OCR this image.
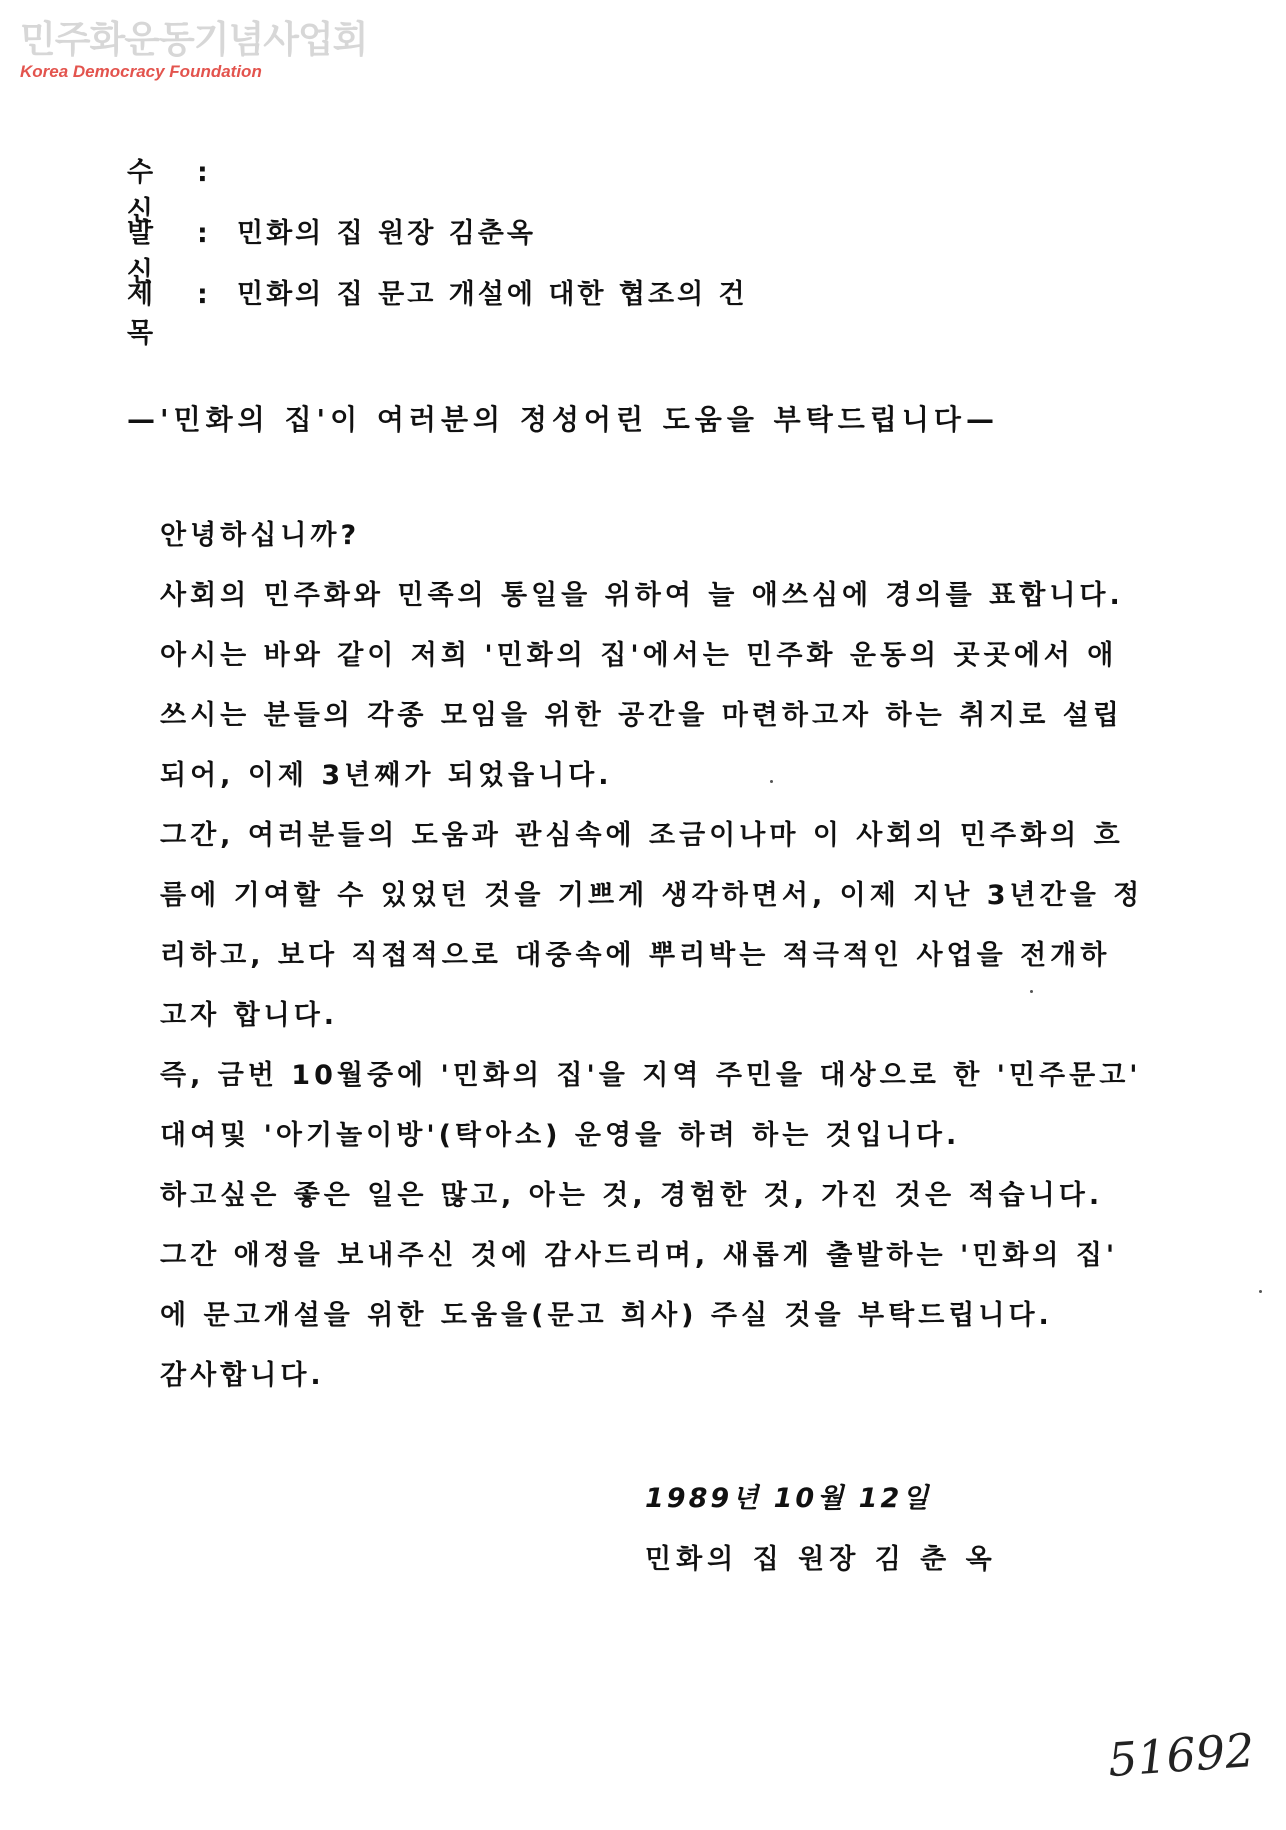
민주화운동기념사업회
Korea Democracy Foundation
수신
:
발신
: 민화의 집 원장 김춘옥
제목
: 민화의 집 문고 개설에 대한 협조의 건
—'민화의 집'이 여러분의 정성어린 도움을 부탁드립니다—

안녕하십니까?

사회의 민주화와 민족의 통일을 위하여 늘 애쓰심에 경의를 표합니다.

아시는 바와 같이 저희 '민화의 집'에서는 민주화 운동의 곳곳에서 애

쓰시는 분들의 각종 모임을 위한 공간을 마련하고자 하는 취지로 설립

되어, 이제 3년째가 되었읍니다.

그간, 여러분들의 도움과 관심속에 조금이나마 이 사회의 민주화의 흐

름에 기여할 수 있었던 것을 기쁘게 생각하면서, 이제 지난 3년간을 정

리하고, 보다 직접적으로 대중속에 뿌리박는 적극적인 사업을 전개하

고자 합니다.

즉, 금번 10월중에 '민화의 집'을 지역 주민을 대상으로 한 '민주문고'

대여및 '아기놀이방'(탁아소) 운영을 하려 하는 것입니다.

하고싶은 좋은 일은 많고, 아는 것, 경험한 것, 가진 것은 적습니다.

그간 애정을 보내주신 것에 감사드리며, 새롭게 출발하는 '민화의 집'

에 문고개설을 위한 도움을(문고 희사) 주실 것을 부탁드립니다.

감사합니다.

1989년 10월 12일
민화의 집 원장 김 춘 옥
51692
